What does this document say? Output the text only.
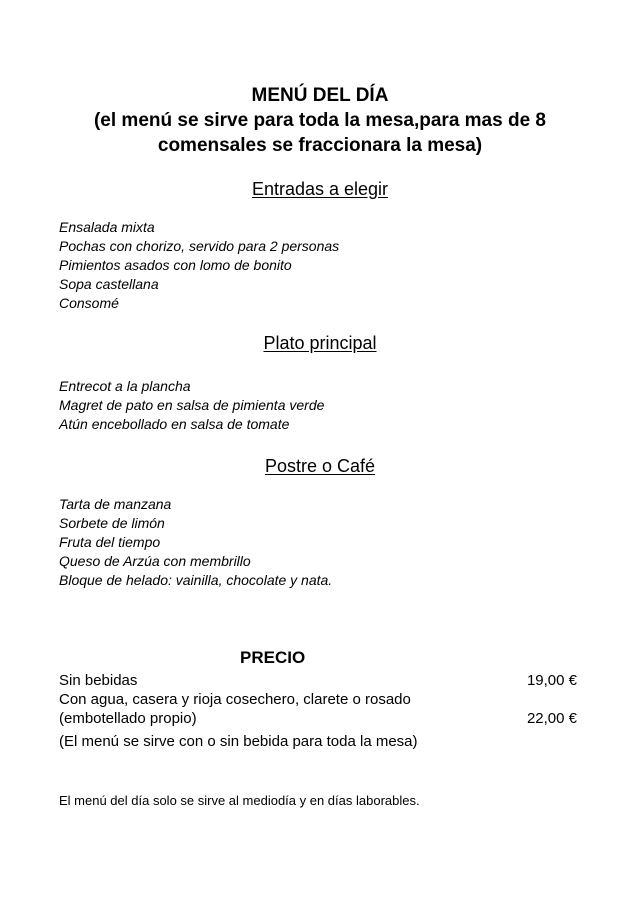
MENÚ DEL DÍA
(el menú se sirve para toda la mesa,para mas de 8
comensales se fraccionara la mesa)
Entradas a elegir
Ensalada mixta
Pochas con chorizo, servido para 2 personas
Pimientos asados con lomo de bonito
Sopa castellana
Consomé
Plato principal
Entrecot a la plancha
Magret de pato en salsa de pimienta verde
Atún encebollado en salsa de tomate
Postre o Café
Tarta de manzana
Sorbete de limón
Fruta del tiempo
Queso de Arzúa con membrillo
Bloque de helado: vainilla, chocolate y nata.
PRECIO
Sin bebidas	19,00 €
Con agua, casera y rioja cosechero, clarete o rosado
(embotellado propio)	22,00 €
(El menú se sirve con o sin bebida para toda la mesa)
El menú del día solo se sirve al mediodía y en días laborables.
